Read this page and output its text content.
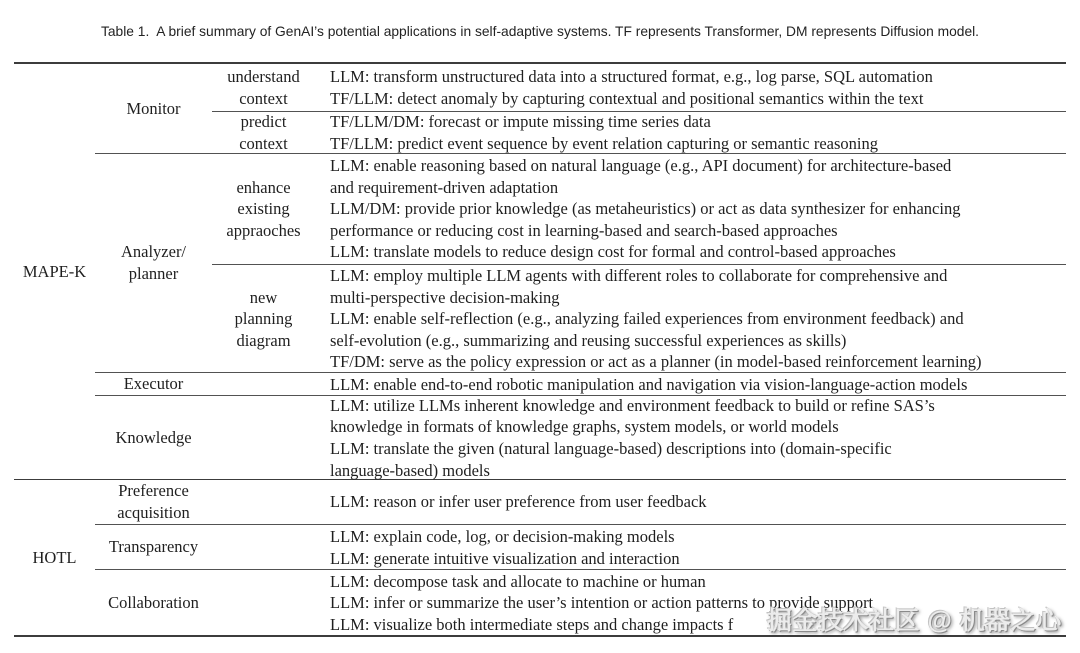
Table 1.  A brief summary of GenAI’s potential applications in self-adaptive systems. TF represents Transformer, DM represents Diffusion model.
MAPE-K
Monitor
understand
context
LLM: transform unstructured data into a structured format, e.g., log parse, SQL automation
TF/LLM: detect anomaly by capturing contextual and positional semantics within the text
predict
context
TF/LLM/DM: forecast or impute missing time series data
TF/LLM: predict event sequence by event relation capturing or semantic reasoning
Analyzer/
planner
enhance
existing
appraoches
LLM: enable reasoning based on natural language (e.g., API document) for architecture-based
and requirement-driven adaptation
LLM/DM: provide prior knowledge (as metaheuristics) or act as data synthesizer for enhancing
performance or reducing cost in learning-based and search-based approaches
LLM: translate models to reduce design cost for formal and control-based approaches
new
planning
diagram
LLM: employ multiple LLM agents with different roles to collaborate for comprehensive and
multi-perspective decision-making
LLM: enable self-reflection (e.g., analyzing failed experiences from environment feedback) and
self-evolution (e.g., summarizing and reusing successful experiences as skills)
TF/DM: serve as the policy expression or act as a planner (in model-based reinforcement learning)
Executor	LLM: enable end-to-end robotic manipulation and navigation via vision-language-action models
Knowledge
LLM: utilize LLMs inherent knowledge and environment feedback to build or refine SAS’s
knowledge in formats of knowledge graphs, system models, or world models
LLM: translate the given (natural language-based) descriptions into (domain-specific
language-based) models
HOTL
Preference
acquisition
LLM: reason or infer user preference from user feedback
Transparency
LLM: explain code, log, or decision-making models
LLM: generate intuitive visualization and interaction
Collaboration
LLM: decompose task and allocate to machine or human
LLM: infer or summarize the user’s intention or action patterns to provide support
LLM: visualize both intermediate steps and change impacts f	掘金技术社区 @ 机器之心
